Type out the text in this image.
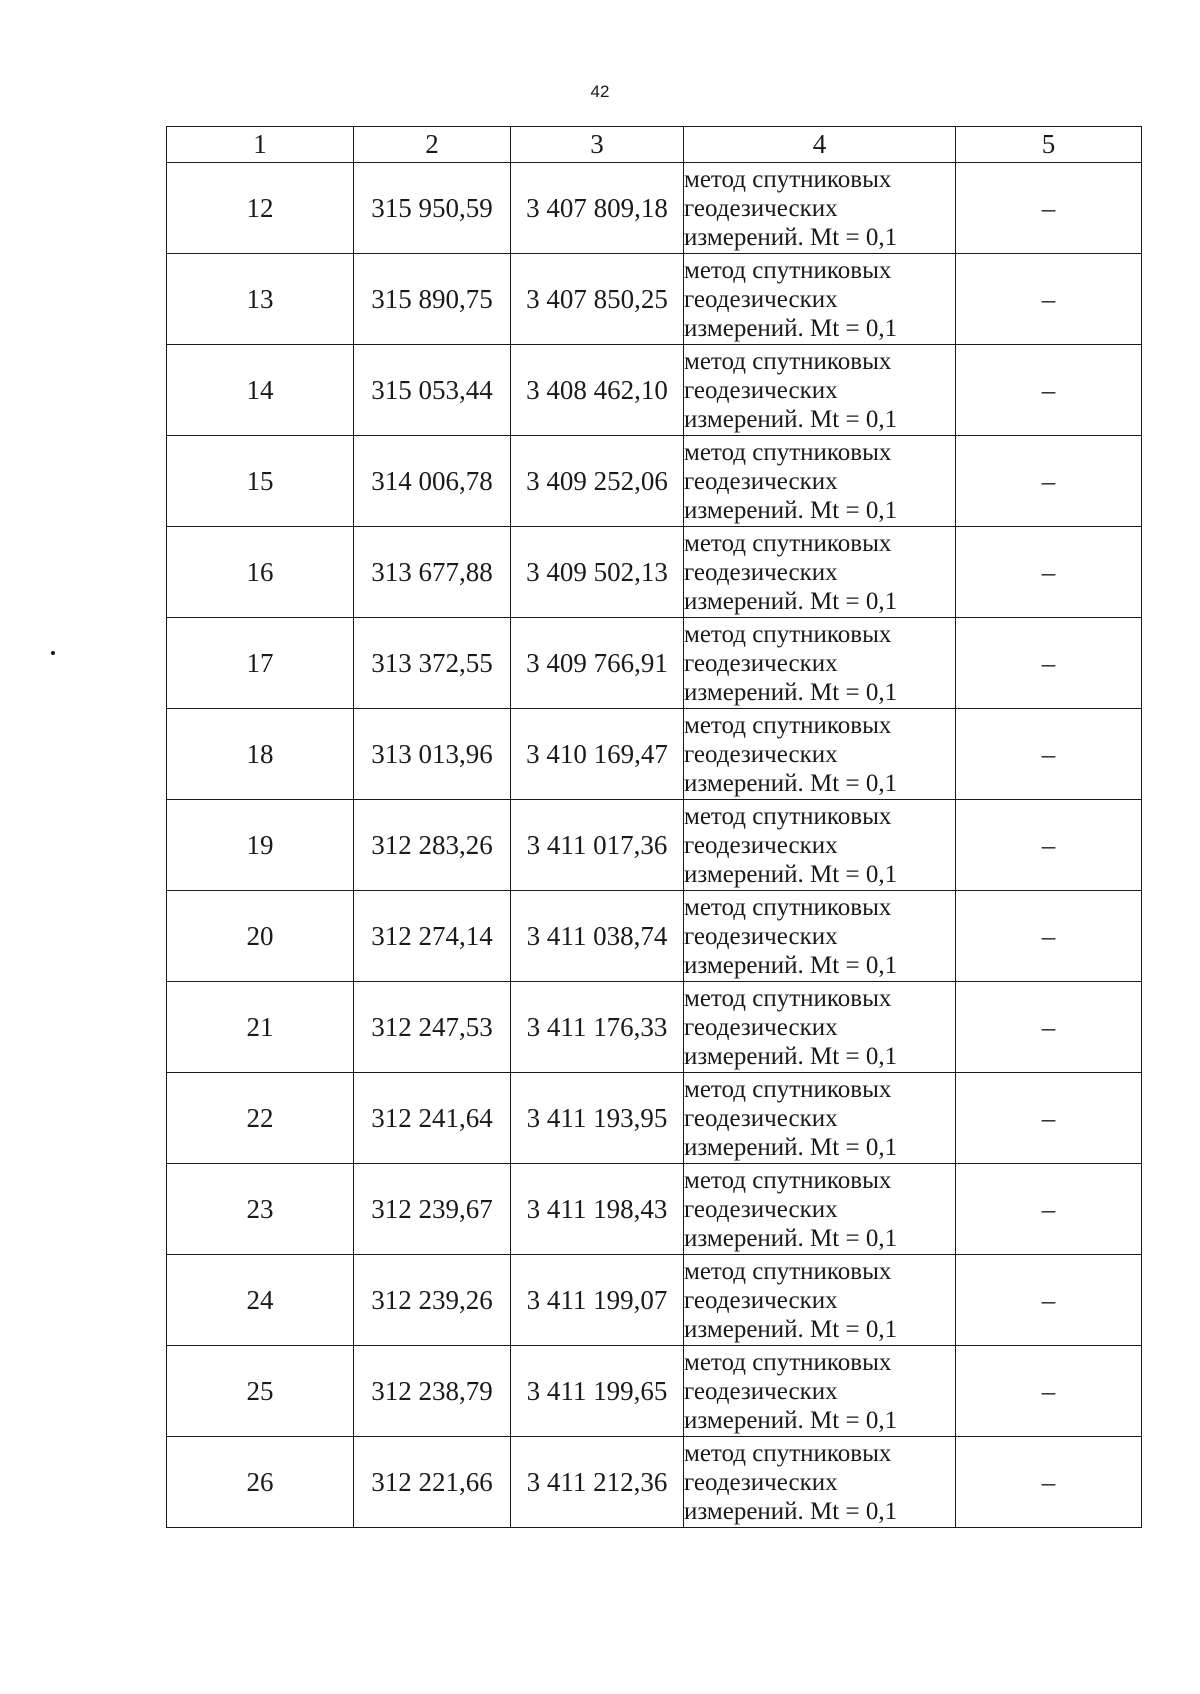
42
1	2	3	4	5
12	315 950,59	3 407 809,18	метод спутниковых
геодезических
измерений. Mt = 0,1	–
13	315 890,75	3 407 850,25	метод спутниковых
геодезических
измерений. Mt = 0,1	–
14	315 053,44	3 408 462,10	метод спутниковых
геодезических
измерений. Mt = 0,1	–
15	314 006,78	3 409 252,06	метод спутниковых
геодезических
измерений. Mt = 0,1	–
16	313 677,88	3 409 502,13	метод спутниковых
геодезических
измерений. Mt = 0,1	–
17	313 372,55	3 409 766,91	метод спутниковых
геодезических
измерений. Mt = 0,1	–
18	313 013,96	3 410 169,47	метод спутниковых
геодезических
измерений. Mt = 0,1	–
19	312 283,26	3 411 017,36	метод спутниковых
геодезических
измерений. Mt = 0,1	–
20	312 274,14	3 411 038,74	метод спутниковых
геодезических
измерений. Mt = 0,1	–
21	312 247,53	3 411 176,33	метод спутниковых
геодезических
измерений. Mt = 0,1	–
22	312 241,64	3 411 193,95	метод спутниковых
геодезических
измерений. Mt = 0,1	–
23	312 239,67	3 411 198,43	метод спутниковых
геодезических
измерений. Mt = 0,1	–
24	312 239,26	3 411 199,07	метод спутниковых
геодезических
измерений. Mt = 0,1	–
25	312 238,79	3 411 199,65	метод спутниковых
геодезических
измерений. Mt = 0,1	–
26	312 221,66	3 411 212,36	метод спутниковых
геодезических
измерений. Mt = 0,1	–
